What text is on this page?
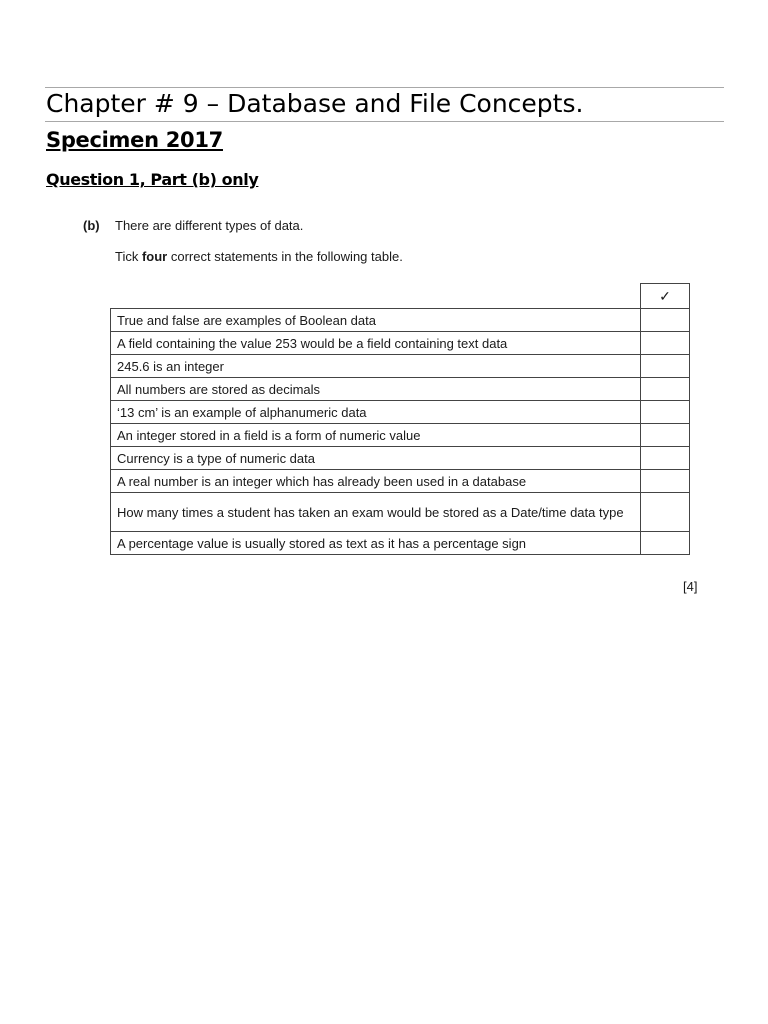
Chapter # 9 – Database and File Concepts.
Specimen 2017
Question 1, Part (b) only
(b) There are different types of data.
Tick four correct statements in the following table.
	✓
True and false are examples of Boolean data	
A field containing the value 253 would be a field containing text data	
245.6 is an integer	
All numbers are stored as decimals	
‘13 cm’ is an example of alphanumeric data	
An integer stored in a field is a form of numeric value	
Currency is a type of numeric data	
A real number is an integer which has already been used in a database	
How many times a student has taken an exam would be stored as a Date/time data type	
A percentage value is usually stored as text as it has a percentage sign	
[4]
